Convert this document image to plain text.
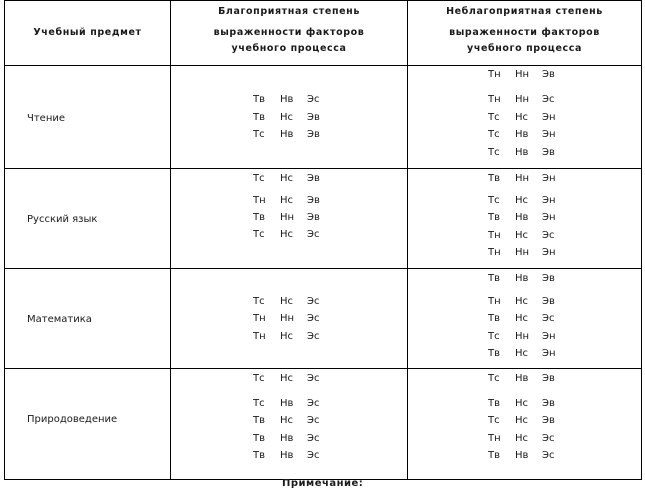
Учебный предмет
Благоприятная степень
выраженности факторов
учебного процесса
Неблагоприятная степень
выраженности факторов
учебного процесса
Чтение
Тв Нв Эс
Тв Нс Эв
Тс Нв Эв
Тн Нн Эв
Тн Нн Эс
Тс Нс Эн
Тс Нв Эн
Тс Нв Эв
Русский язык
Тс Нс Эв
Тн Нс Эв
Тв Нн Эв
Тс Нс Эс
Тв Нн Эн
Тс Нс Эн
Тв Нв Эн
Тн Нс Эс
Тн Нн Эн
Математика
Тс Нс Эс
Тн Нн Эс
Тн Нс Эс
Тв Нв Эв
Тн Нс Эв
Тв Нс Эс
Тс Нн Эн
Тв Нс Эн
Природоведение
Тс Нс Эс
Тс Нв Эс
Тв Нс Эс
Тв Нв Эс
Тв Нв Эс
Тс Нв Эв
Тв Нс Эв
Тс Нс Эв
Тн Нс Эс
Тв Нв Эс
Примечание:
